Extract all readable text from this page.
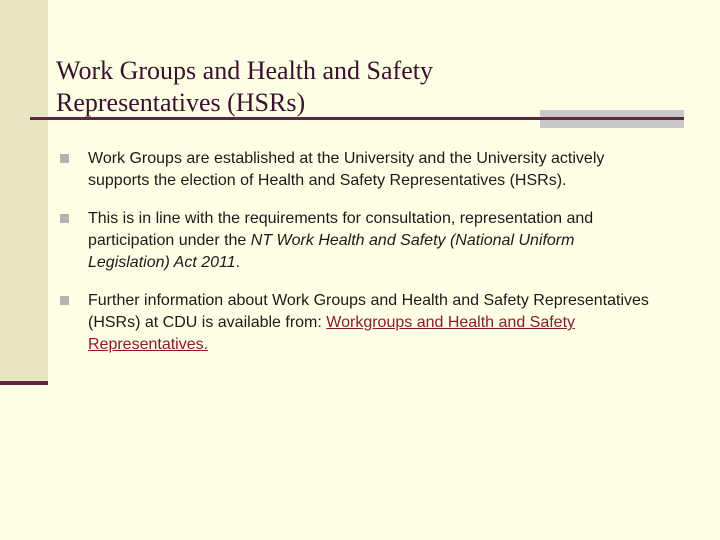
Work Groups and Health and Safety
Representatives (HSRs)
Work Groups are established at the University and the University actively supports the election of Health and Safety Representatives (HSRs).
This is in line with the requirements for consultation, representation and participation under the NT Work Health and Safety (National Uniform Legislation) Act 2011.
Further information about Work Groups and Health and Safety Representatives (HSRs) at CDU is available from: Workgroups and Health and Safety Representatives.
